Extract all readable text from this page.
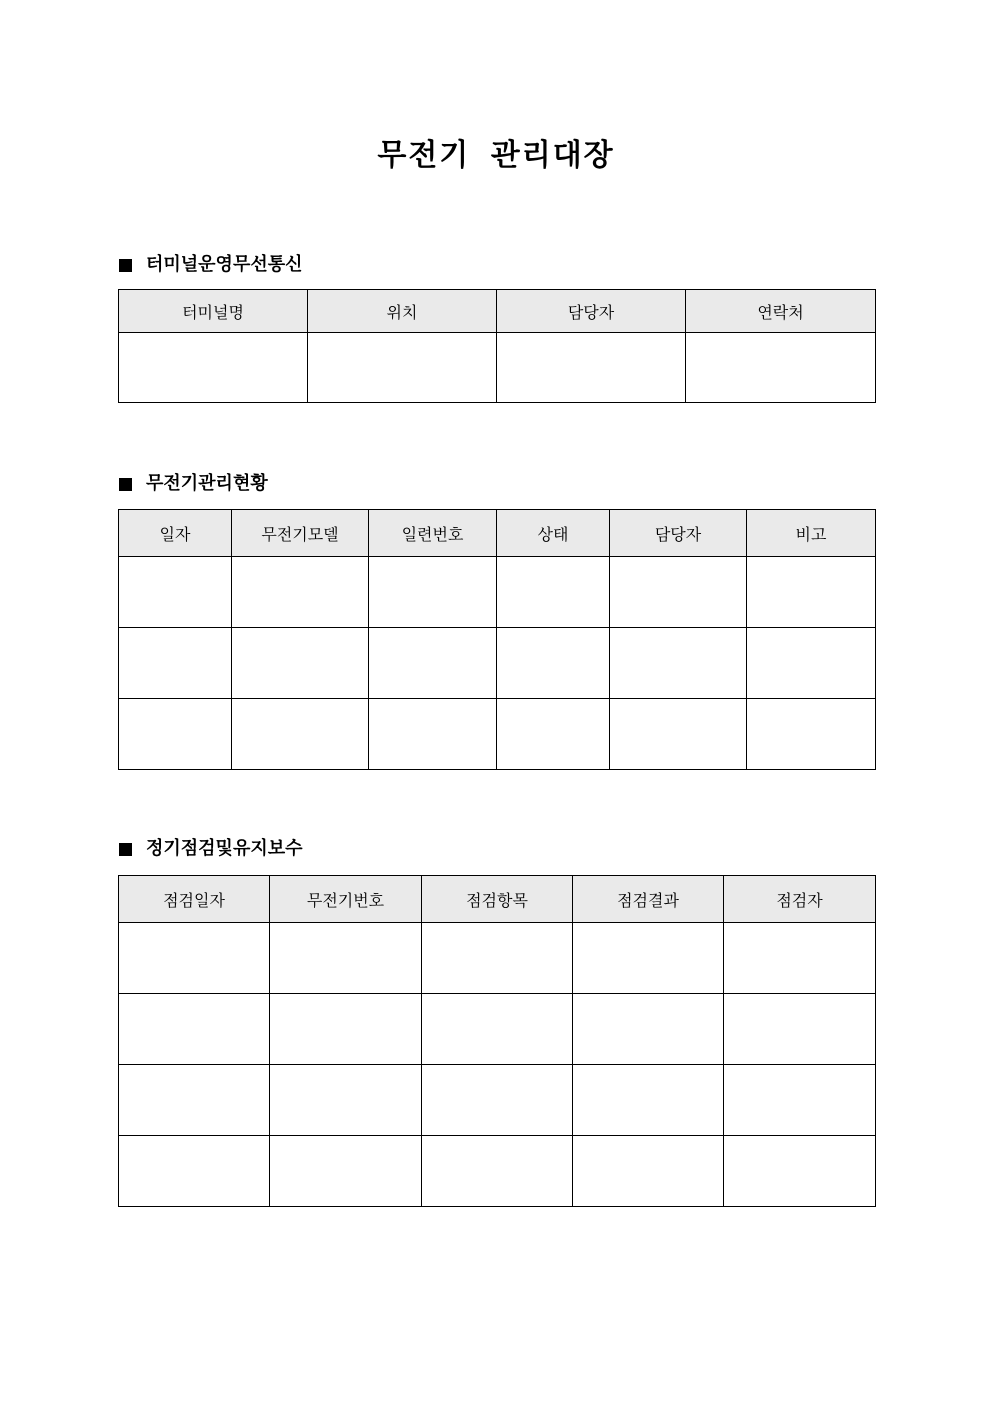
무전기 관리대장
터미널운영무선통신
터미널명	위치	담당자	연락처

무전기관리현황
일자	무전기모델	일련번호	상태	담당자	비고

정기점검및유지보수
점검일자	무전기번호	점검항목	점검결과	점검자
